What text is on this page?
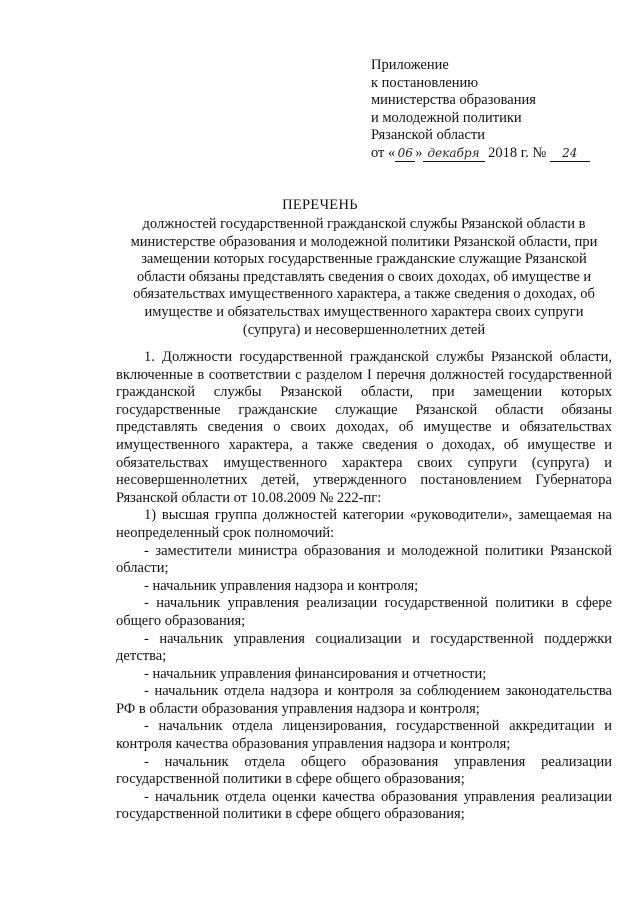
Приложение
к постановлению
министерства образования
и молодежной политики
Рязанской области
от « 06 » декабря 2018 г. № 24
ПЕРЕЧЕНЬ
должностей государственной гражданской службы Рязанской области в министерстве образования и молодежной политики Рязанской области, при замещении которых государственные гражданские служащие Рязанской области обязаны представлять сведения о своих доходах, об имуществе и обязательствах имущественного характера, а также сведения о доходах, об имуществе и обязательствах имущественного характера своих супруги (супруга) и несовершеннолетних детей

1. Должности государственной гражданской службы Рязанской области, включенные в соответствии с разделом I перечня должностей государственной гражданской службы Рязанской области, при замещении которых государственные гражданские служащие Рязанской области обязаны представлять сведения о своих доходах, об имуществе и обязательствах имущественного характера, а также сведения о доходах, об имуществе и обязательствах имущественного характера своих супруги (супруга) и несовершеннолетних детей, утвержденного постановлением Губернатора Рязанской области от 10.08.2009 № 222-пг:

1) высшая группа должностей категории «руководители», замещаемая на неопределенный срок полномочий:

- заместители министра образования и молодежной политики Рязанской области;

- начальник управления надзора и контроля;

- начальник управления реализации государственной политики в сфере общего образования;

- начальник управления социализации и государственной поддержки детства;

- начальник управления финансирования и отчетности;

- начальник отдела надзора и контроля за соблюдением законодательства РФ в области образования управления надзора и контроля;

- начальник отдела лицензирования, государственной аккредитации и контроля качества образования управления надзора и контроля;

- начальник отдела общего образования управления реализации государственной политики в сфере общего образования;

- начальник отдела оценки качества образования управления реализации государственной политики в сфере общего образования;
